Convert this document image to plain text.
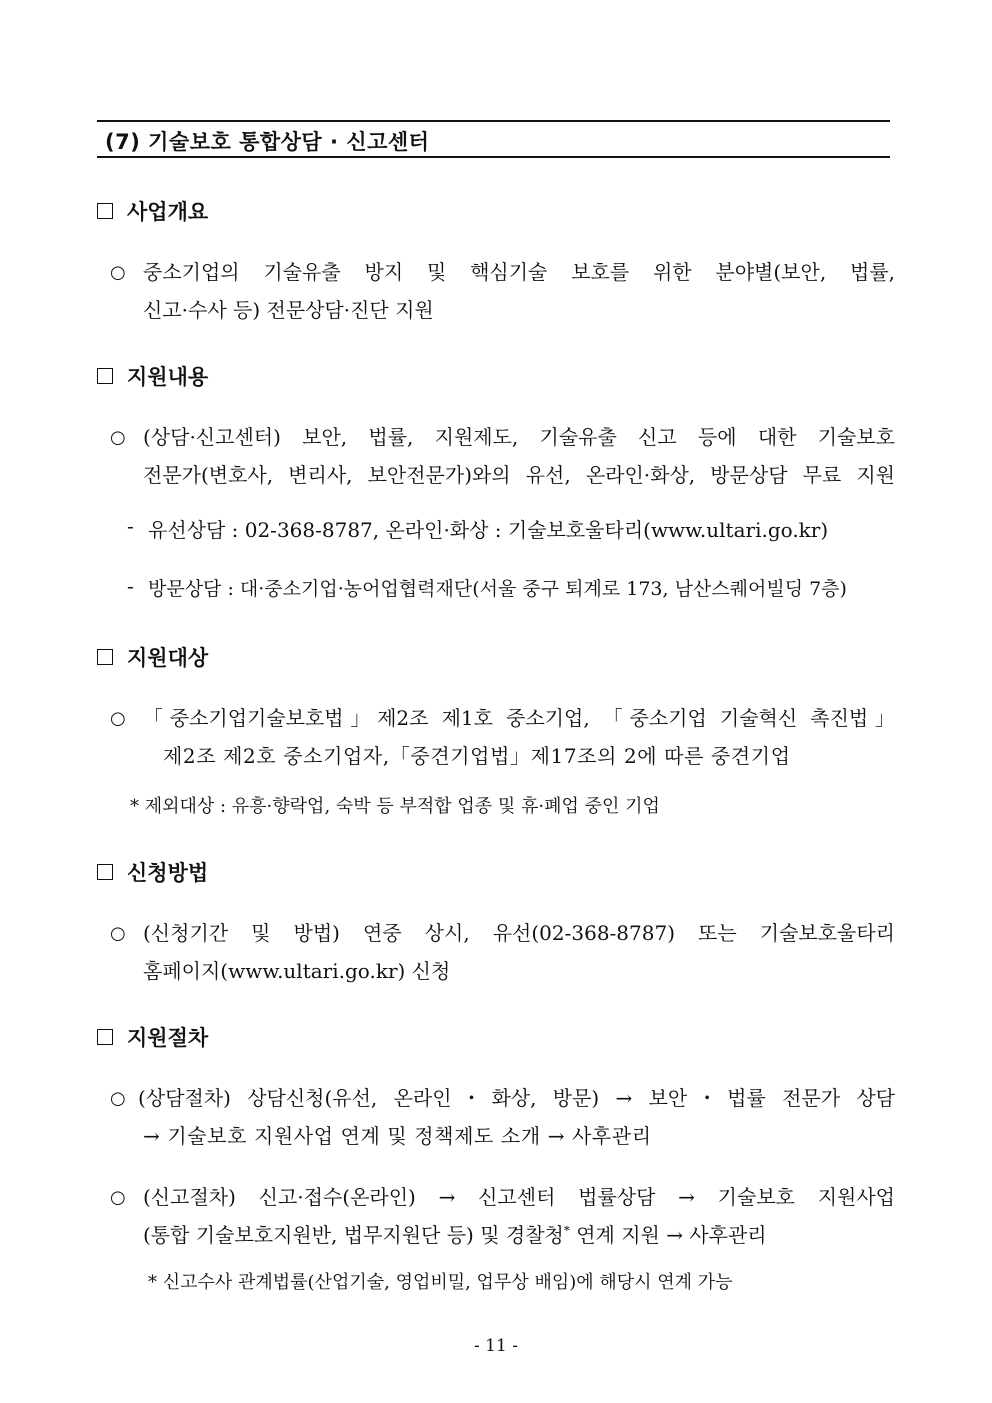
(7) 기술보호 통합상담 · 신고센터
사업개요
○ 중소기업의 기술유출 방지 및 핵심기술 보호를 위한 분야별(보안, 법률,
신고·수사 등) 전문상담·진단 지원
지원내용
○ (상담·신고센터) 보안, 법률, 지원제도, 기술유출 신고 등에 대한 기술보호
전문가(변호사, 변리사, 보안전문가)와의 유선, 온라인·화상, 방문상담 무료 지원
- 유선상담 : 02-368-8787, 온라인·화상 : 기술보호울타리(www.ultari.go.kr)
- 방문상담 : 대·중소기업·농어업협력재단(서울 중구 퇴계로 173, 남산스퀘어빌딩 7층)
지원대상
○ 「중소기업기술보호법」제2조 제1호 중소기업, 「중소기업 기술혁신 촉진법」
제2조 제2호 중소기업자,「중견기업법」제17조의 2에 따른 중견기업
* 제외대상 : 유흥·향락업, 숙박 등 부적합 업종 및 휴·폐업 중인 기업
신청방법
○ (신청기간 및 방법) 연중 상시, 유선(02-368-8787) 또는 기술보호울타리
홈페이지(www.ultari.go.kr) 신청
지원절차
○ (상담절차) 상담신청(유선, 온라인・화상, 방문) → 보안・법률 전문가 상담
→ 기술보호 지원사업 연계 및 정책제도 소개 → 사후관리
○ (신고절차) 신고·접수(온라인) → 신고센터 법률상담 → 기술보호 지원사업
(통합 기술보호지원반, 법무지원단 등) 및 경찰청* 연계 지원 → 사후관리
* 신고수사 관계법률(산업기술, 영업비밀, 업무상 배임)에 해당시 연계 가능
- 11 -
